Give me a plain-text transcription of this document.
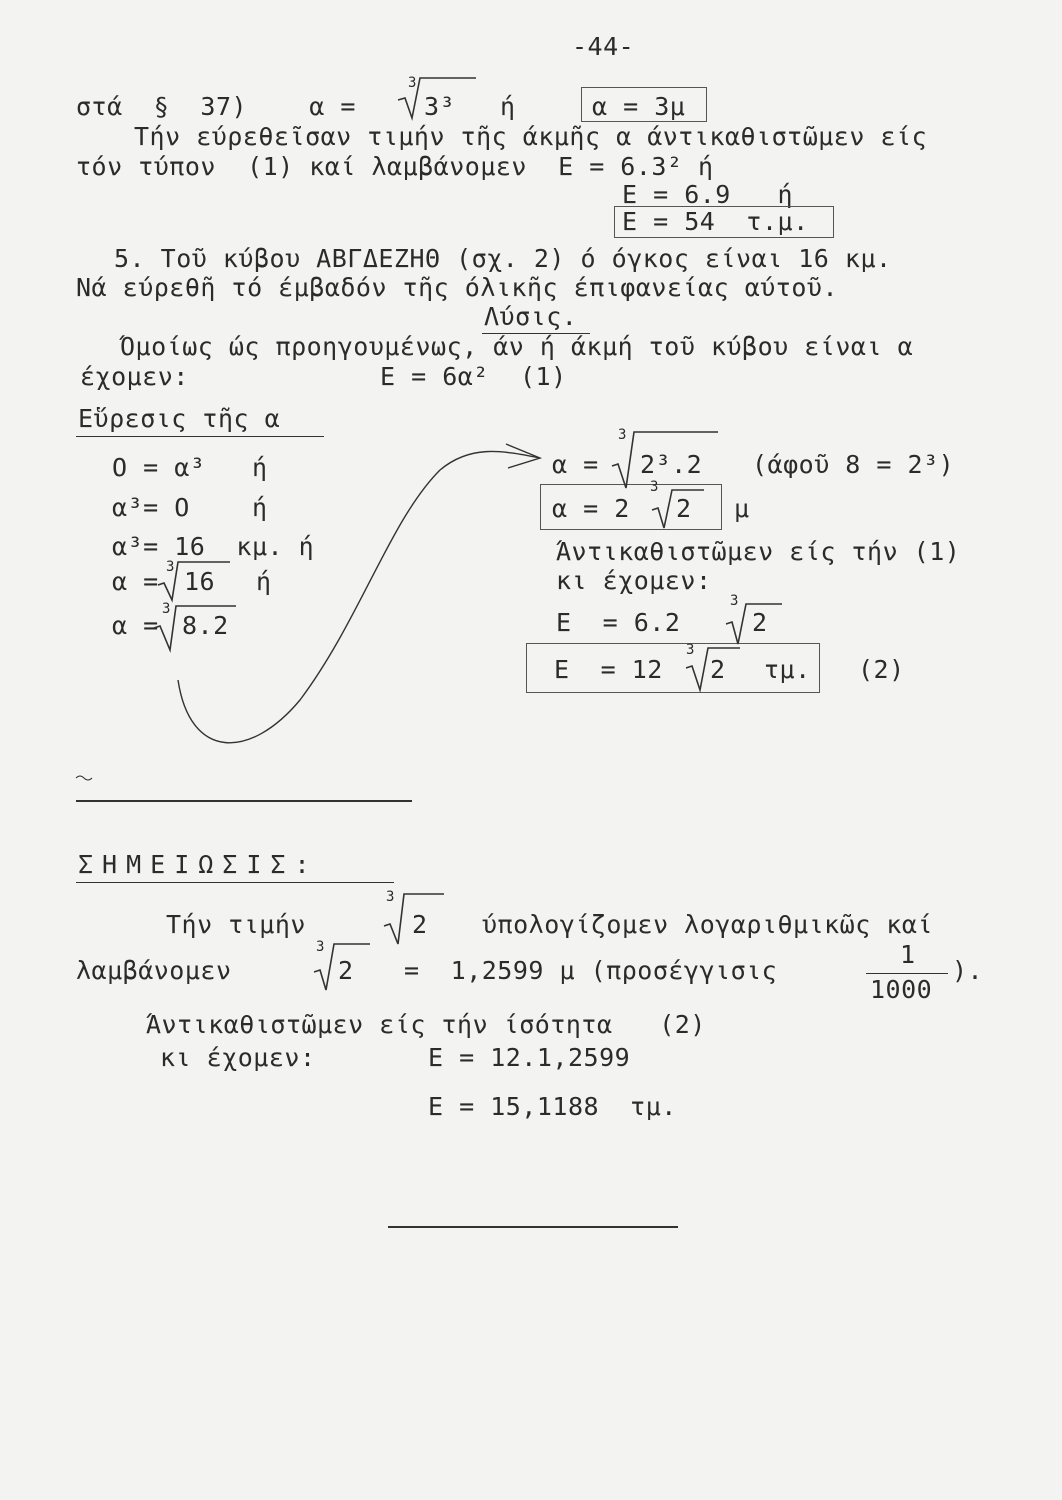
-44-
στά  §  37)    α =
3
3³ ή	α = 3μ
Τήν εύρεθεῖσαν τιμήν τῆς άκμῆς α άντικαθιστῶμεν είς
τόν τύπον  (1) καί λαμβάνομεν  Ε = 6.3² ή
Ε = 6.9   ή
Ε = 54  τ.μ.
5. Τοῦ κύβου ΑΒΓΔΕΖΗΘ (σχ. 2) ό όγκος είναι 16 κμ.
Νά εύρεθῆ τό έμβαδόν τῆς όλικῆς έπιφανείας αύτοῦ.
Λύσις.
Όμοίως ώς προηγουμένως, άν ή άκμή τοῦ κύβου είναι α
έχομεν:	Ε = 6α²  (1)
Εὕρεσις τῆς α
Ο = α³   ή
α³= Ο    ή
α³= 16  κμ. ή
α = 3 16 ή
α =
3
8.2
α =
3
2³.2 (άφοῦ 8 = 2³)
α = 2
3
2 μ
Άντικαθιστῶμεν είς τήν (1)
κι έχομεν:
Ε  = 6.2
3
2
Ε  = 12
3
2 τμ. (2)
ΣΗΜΕΙΩΣΙΣ:
Τήν τιμήν
3
2 ύπολογίζομεν λογαριθμικῶς καί
λαμβάνομεν
3
2 =  1,2599 μ (προσέγγισις
1
1000
).
Άντικαθιστῶμεν είς τήν ίσότητα   (2)
κι έχομεν:	Ε = 12.1,2599
Ε = 15,1188  τμ.
